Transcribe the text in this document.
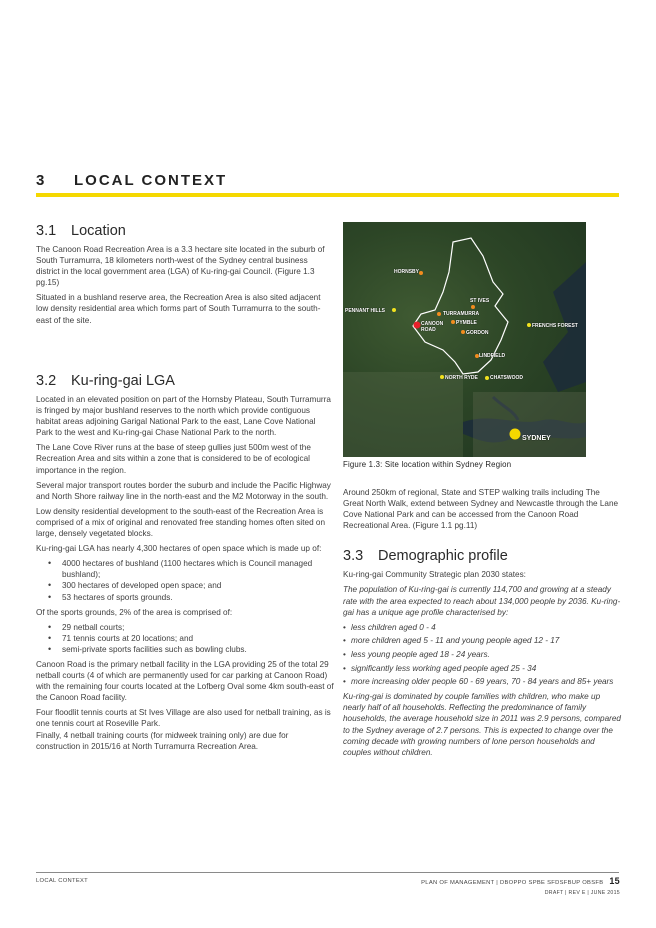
3 LOCAL CONTEXT
3.1 Location

The Canoon Road Recreation Area is a 3.3 hectare site located in the suburb of South Turramurra, 18 kilometers north-west of the Sydney central business district in the local government area (LGA) of Ku-ring-gai Council. (Figure 1.3 pg.15)

Situated in a bushland reserve area, the Recreation Area is also sited adjacent low density residential area which forms part of South Turramurra to the south-east of the site.

3.2 Ku-ring-gai LGA

Located in an elevated position on part of the Hornsby Plateau, South Turramurra is fringed by major bushland reserves to the north which provide contiguous habitat areas adjoining Garigal National Park to the east, Lane Cove National Park to the west and Ku-ring-gai Chase National Park to the north.

The Lane Cove River runs at the base of steep gullies just 500m west of the Recreation Area and sits within a zone that is considered to be of ecological importance in the region.

Several major transport routes border the suburb and include the Pacific Highway and North Shore railway line in the north-east and the M2 Motorway in the south.

Low density residential development to the south-east of the Recreation Area is comprised of a mix of original and renovated free standing homes often sited on large, densely vegetated blocks.

Ku-ring-gai LGA has nearly 4,300 hectares of open space which is made up of:

• 4000 hectares of bushland (1100 hectares which is Council managed bushland);
• 300 hectares of developed open space; and
• 53 hectares of sports grounds.

Of the sports grounds, 2% of the area is comprised of:

• 29 netball courts;
• 71 tennis courts at 20 locations; and
• semi-private sports facilities such as bowling clubs.

Canoon Road is the primary netball facility in the LGA providing 25 of the total 29 netball courts (4 of which are permanently used for car parking at Canoon Road) with the remaining four courts located at the Lofberg Oval some 4km south-east of the Canoon Road facility.

Four floodlit tennis courts at St Ives Village are also used for netball training, as is one tennis court at Roseville Park.

Finally, 4 netball training courts (for midweek training only) are due for construction in 2015/16 at North Turramurra Recreation Area.

HORNSBY
PENNANT HILLS	TURRAMURRA
ST IVES
CANOON ROAD
PYMBLE
GORDON
FRENCHS FOREST
LINDFIELD
NORTH RYDE CHATSWOOD
SYDNEY
Figure 1.3: Site location within Sydney Region

Around 250km of regional, State and STEP walking trails including The Great North Walk, extend between Sydney and Newcastle through the Lane Cove National Park and can be accessed from the Canoon Road Recreational Area. (Figure 1.1 pg.11)

3.3 Demographic profile

Ku-ring-gai Community Strategic plan 2030 states:

The population of Ku-ring-gai is currently 114,700 and growing at a steady rate with the area expected to reach about 134,000 people by 2036. Ku-ring-gai has a unique age profile characterised by:

• less children aged 0 - 4
• more children aged 5 - 11 and young people aged 12 - 17
• less young people aged 18 - 24 years.
• significantly less working aged people aged 25 - 34
• more increasing older people 60 - 69 years, 70 - 84 years and 85+ years

Ku-ring-gai is dominated by couple families with children, who make up nearly half of all households. Reflecting the predominance of family households, the average household size in 2011 was 2.9 persons, compared to the Sydney average of 2.7 persons. This is expected to change over the coming decade with growing numbers of lone person households and couples without children.

LOCAL CONTEXT	PLAN OF MANAGEMENT | DBOPPO SPBE SFDSFBUP OBSFB 15
DRAFT | REV E | JUNE 2015
